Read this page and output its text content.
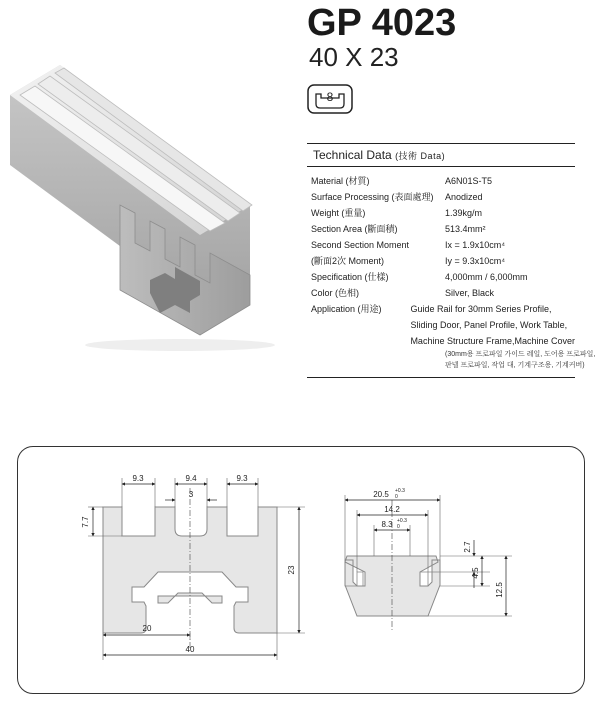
GP 4023
40 X 23
8
Technical Data (技術 Data)
Material (材質)	A6N01S-T5
Surface Processing (表面處理)	Anodized
Weight (重量)	1.39kg/m
Section Area (斷面積)	513.4mm²
Second Section Moment	Ix = 1.9x10cm⁴
(斷面2次 Moment)	Iy = 9.3x10cm⁴
Specification (仕樣)	4,000mm / 6,000mm
Color (色相)	Silver, Black
Application (用途)	Guide Rail for 30mm Series Profile,
Sliding Door, Panel Profile, Work Table,
Machine Structure Frame,Machine Cover
(30mm용 프로파일 가이드 레일, 도어용 프로파일,
판넬 프로파일, 작업 대, 기계구조용, 기계커버)
9.3	9.4	9.3
3
7.7
23
20
40
20.5 +0.3
0
14.2
8.3 +0.3
0
2.7
4.5
12.5
